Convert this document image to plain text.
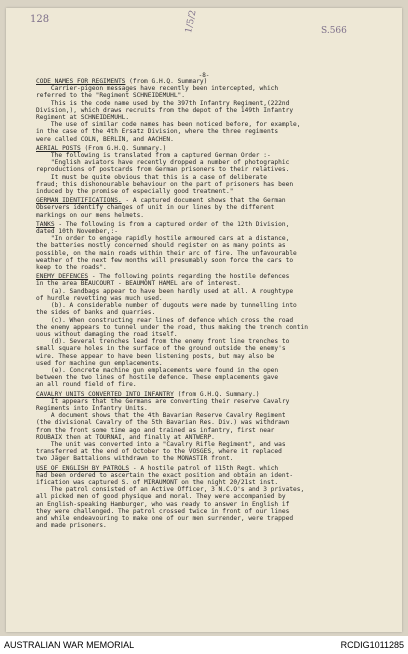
128	1/5/2	S.566
-8-
CODE NAMES FOR REGIMENTS (from G.H.Q. Summary)
Carrier-pigeon messages have recently been intercepted, which
referred to the "Regiment SCHNEIDEMUHL".
This is the code name used by the 397th Infantry Regiment,(222nd
Division,), which draws recruits from the depot of the 149th Infantry
Regiment at SCHNEIDEMUHL.
The use of similar code names has been noticed before, for example,
in the case of the 4th Ersatz Division, where the three regiments
were called COLN, BERLIN, and AACHEN.
AERIAL POSTS (From G.H.Q. Summary.)
The following is translated from a captured German Order :-
"English aviators have recently dropped a number of photographic
reproductions of postcards from German prisoners to their relatives.
It must be quite obvious that this is a case of deliberate
fraud; this dishonourable behaviour on the part of prisoners has been
induced by the promise of especially good treatment."
GERMAN IDENTIFICATIONS. - A captured document shows that the German
Observers identify changes of unit in our lines by the different
markings on our mens helmets.
TANKS - The following is from a captured order of the 12th Division,
dated 10th November,:-
"In order to engage rapidly hostile armoured cars at a distance,
the batteries mostly concerned should register on as many points as
possible, on the main roads within their arc of fire. The unfavourable
weather of the next few months will presumably soon force the cars to
keep to the roads".
ENEMY DEFENCES - The following points regarding the hostile defences
in the area BEAUCOURT - BEAUMONT HAMEL are of interest.
(a). Sandbags appear to have been hardly used at all. A roughtype
of hurdle revetting was much used.
(b). A considerable number of dugouts were made by tunnelling into
the sides of banks and quarries.
(c). When constructing rear lines of defence which cross the road
the enemy appears to tunnel under the road, thus making the trench contin
uous without damaging the road itself.
(d). Several trenches lead from the enemy front line trenches to
small square holes in the surface of the ground outside the enemy's
wire. These appear to have been listening posts, but may also be
used for machine gun emplacements.
(e). Concrete machine gun emplacements were found in the open
between the two lines of hostile defence. These emplacements gave
an all round field of fire.
CAVALRY UNITS CONVERTED INTO INFANTRY (from G.H.Q. Summary.)
It appears that the Germans are converting their reserve Cavalry
Regiments into Infantry Units.
A document shows that the 4th Bavarian Reserve Cavalry Regiment
(the divisional Cavalry of the 5th Bavarian Res. Div.) was withdrawn
from the front some time ago and trained as infantry, first near
ROUBAIX then at TOURNAI, and finally at ANTWERP.
The unit was converted into a "Cavalry Rifle Regiment", and was
transferred at the end of October to the VOSGES, where it replaced
two Jäger Battalions withdrawn to the MONASTIR front.
USE OF ENGLISH BY PATROLS - A hostile patrol of 115th Regt. which
had been ordered to ascertain the exact position and obtain an ident-
ification was captured S. of MIRAUMONT on the night 20/21st inst.
The patrol consisted of an Active Officer, 3 N.C.O's and 3 privates,
all picked men of good physique and moral. They were accompanied by
an English-speaking Hamburger, who was ready to answer in English if
they were challenged. The patrol crossed twice in front of our lines
and while endeavouring to make one of our men surrender, were trapped
and made prisoners.
AUSTRALIAN WAR MEMORIAL	RCDIG1011285
